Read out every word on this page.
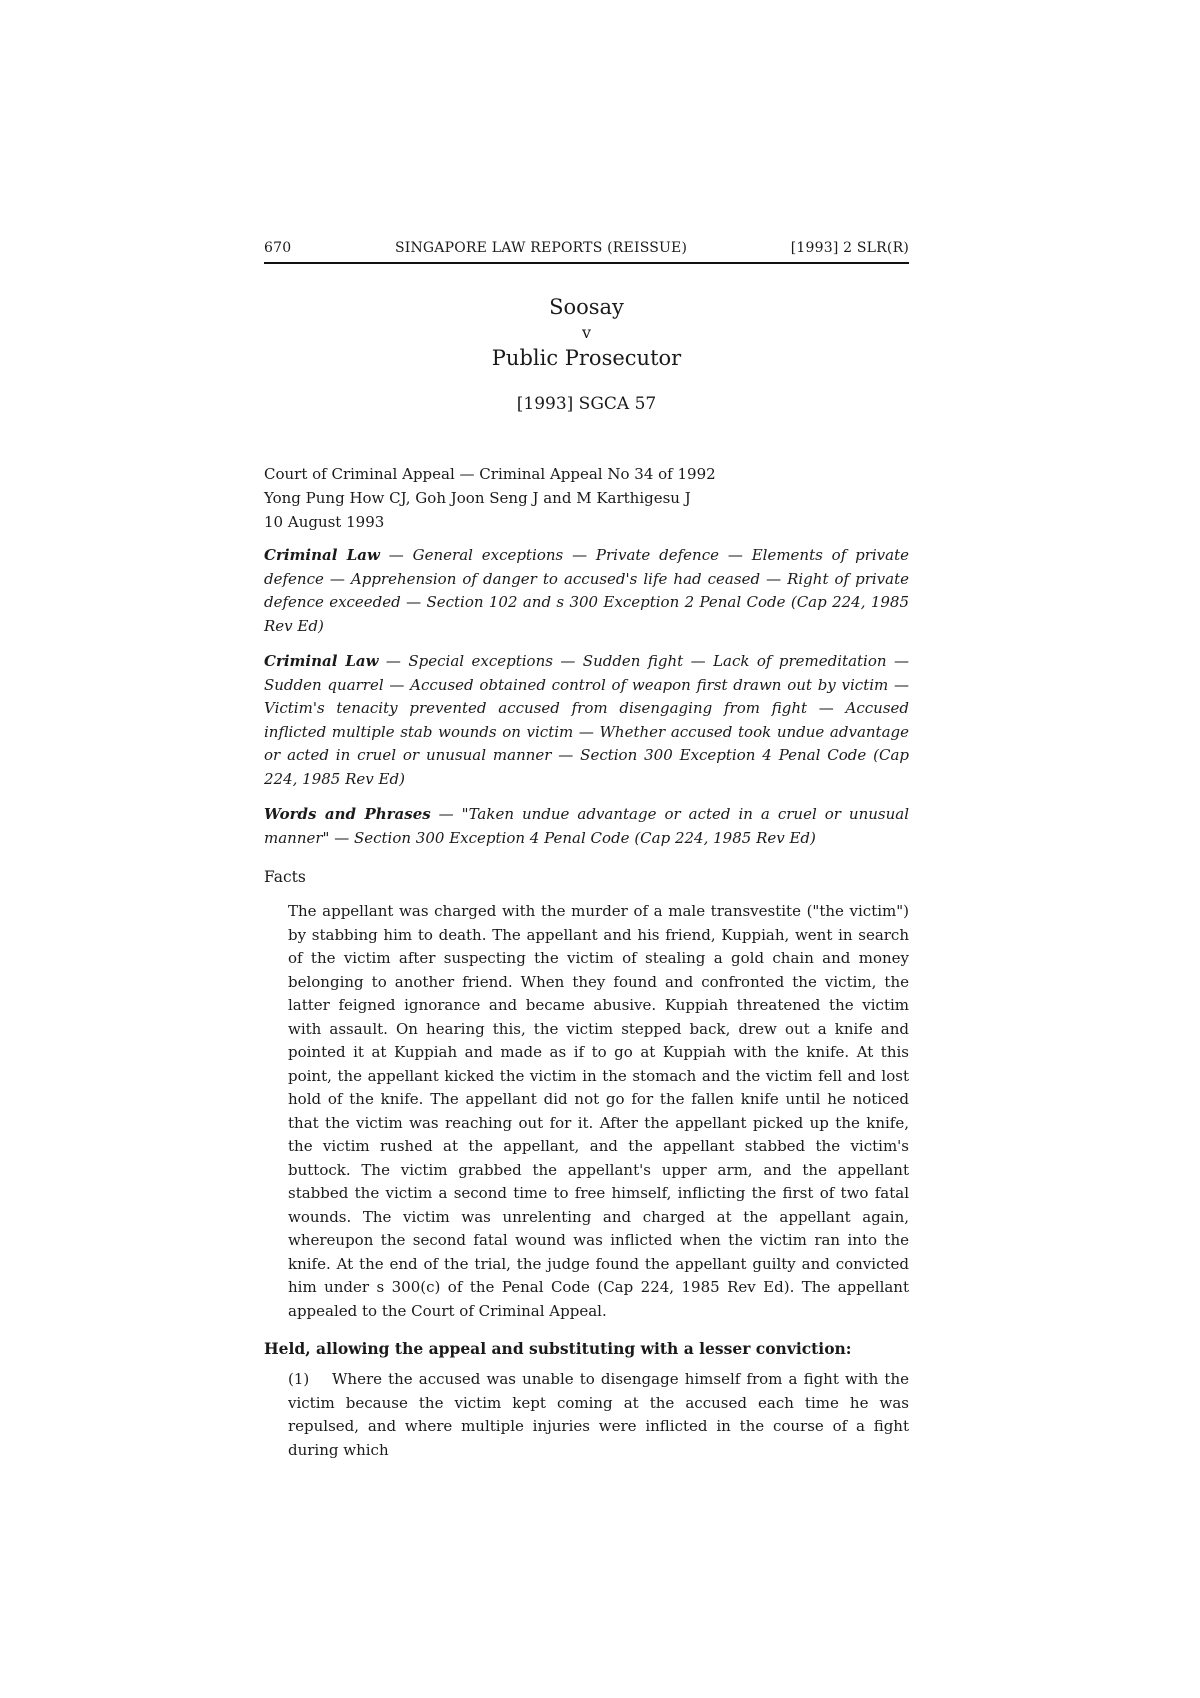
670	SINGAPORE LAW REPORTS (REISSUE)	[1993] 2 SLR(R)
Soosay
v
Public Prosecutor
[1993] SGCA 57
Court of Criminal Appeal — Criminal Appeal No 34 of 1992
Yong Pung How CJ, Goh Joon Seng J and M Karthigesu J
10 August 1993

Criminal Law — General exceptions — Private defence — Elements of private defence — Apprehension of danger to accused's life had ceased — Right of private defence exceeded — Section 102 and s 300 Exception 2 Penal Code (Cap 224, 1985 Rev Ed)

Criminal Law — Special exceptions — Sudden fight — Lack of premeditation — Sudden quarrel — Accused obtained control of weapon first drawn out by victim — Victim's tenacity prevented accused from disengaging from fight — Accused inflicted multiple stab wounds on victim — Whether accused took undue advantage or acted in cruel or unusual manner — Section 300 Exception 4 Penal Code (Cap 224, 1985 Rev Ed)

Words and Phrases — "Taken undue advantage or acted in a cruel or unusual manner" — Section 300 Exception 4 Penal Code (Cap 224, 1985 Rev Ed)

Facts
The appellant was charged with the murder of a male transvestite ("the victim") by stabbing him to death. The appellant and his friend, Kuppiah, went in search of the victim after suspecting the victim of stealing a gold chain and money belonging to another friend. When they found and confronted the victim, the latter feigned ignorance and became abusive. Kuppiah threatened the victim with assault. On hearing this, the victim stepped back, drew out a knife and pointed it at Kuppiah and made as if to go at Kuppiah with the knife. At this point, the appellant kicked the victim in the stomach and the victim fell and lost hold of the knife. The appellant did not go for the fallen knife until he noticed that the victim was reaching out for it. After the appellant picked up the knife, the victim rushed at the appellant, and the appellant stabbed the victim's buttock. The victim grabbed the appellant's upper arm, and the appellant stabbed the victim a second time to free himself, inflicting the first of two fatal wounds. The victim was unrelenting and charged at the appellant again, whereupon the second fatal wound was inflicted when the victim ran into the knife. At the end of the trial, the judge found the appellant guilty and convicted him under s 300(c) of the Penal Code (Cap 224, 1985 Rev Ed). The appellant appealed to the Court of Criminal Appeal.
Held, allowing the appeal and substituting with a lesser conviction:
(1) Where the accused was unable to disengage himself from a fight with the victim because the victim kept coming at the accused each time he was repulsed, and where multiple injuries were inflicted in the course of a fight during which
